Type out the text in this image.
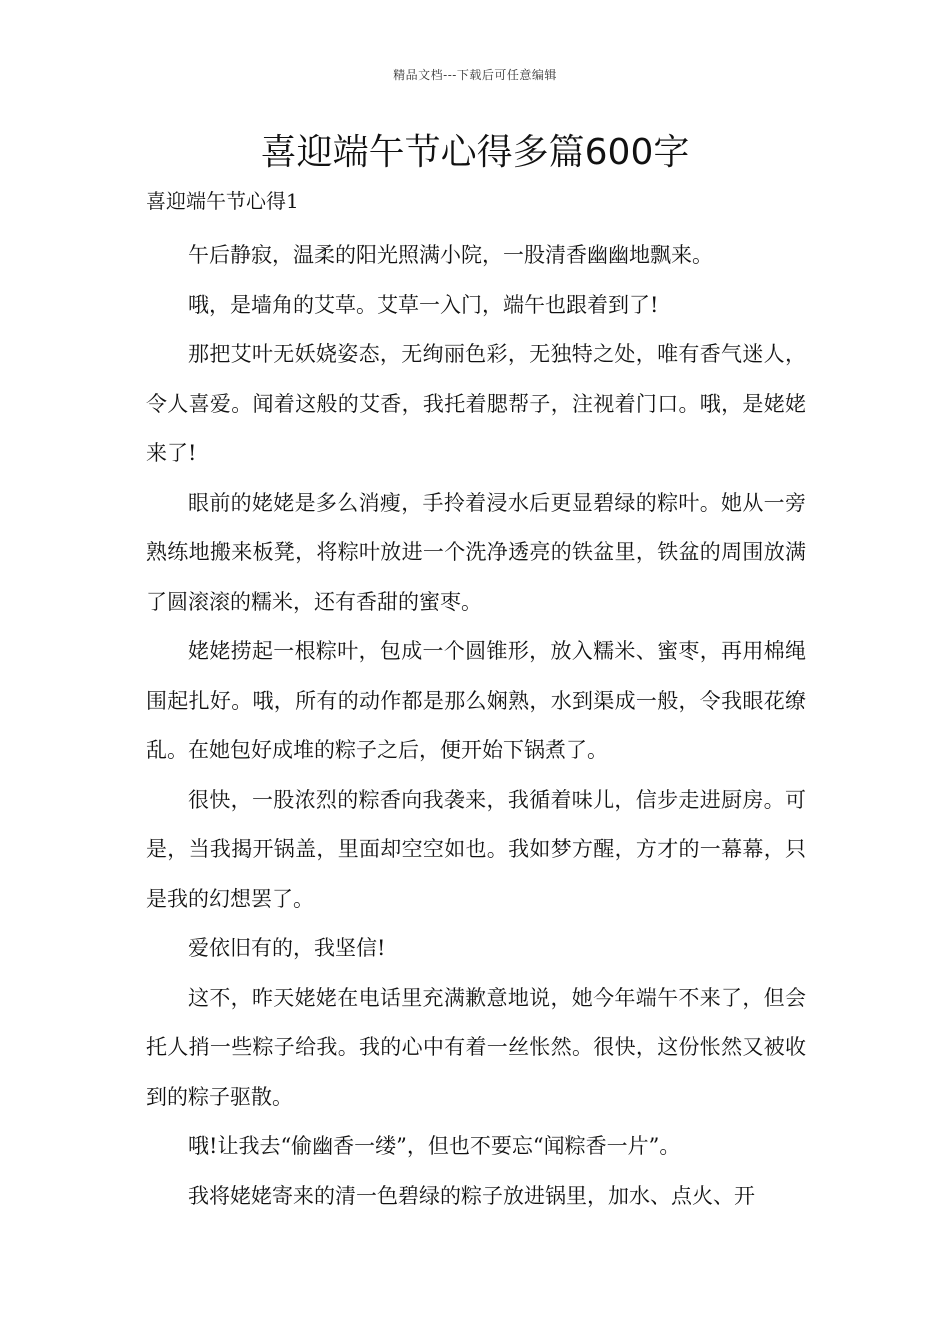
精品文档---下载后可任意编辑
喜迎端午节心得多篇600字
喜迎端午节心得1

午后静寂，温柔的阳光照满小院，一股清香幽幽地飘来。

哦，是墙角的艾草。艾草一入门，端午也跟着到了!

那把艾叶无妖娆姿态，无绚丽色彩，无独特之处，唯有香气迷人，令人喜爱。闻着这般的艾香，我托着腮帮子，注视着门口。哦，是姥姥来了!

眼前的姥姥是多么消瘦，手拎着浸水后更显碧绿的粽叶。她从一旁熟练地搬来板凳，将粽叶放进一个洗净透亮的铁盆里，铁盆的周围放满了圆滚滚的糯米，还有香甜的蜜枣。

姥姥捞起一根粽叶，包成一个圆锥形，放入糯米、蜜枣，再用棉绳围起扎好。哦，所有的动作都是那么娴熟，水到渠成一般，令我眼花缭乱。在她包好成堆的粽子之后，便开始下锅煮了。

很快，一股浓烈的粽香向我袭来，我循着味儿，信步走进厨房。可是，当我揭开锅盖，里面却空空如也。我如梦方醒，方才的一幕幕，只是我的幻想罢了。

爱依旧有的，我坚信!

这不，昨天姥姥在电话里充满歉意地说，她今年端午不来了，但会托人捎一些粽子给我。我的心中有着一丝怅然。很快，这份怅然又被收到的粽子驱散。

哦!让我去“偷幽香一缕”，但也不要忘“闻粽香一片”。

我将姥姥寄来的清一色碧绿的粽子放进锅里，加水、点火、开
